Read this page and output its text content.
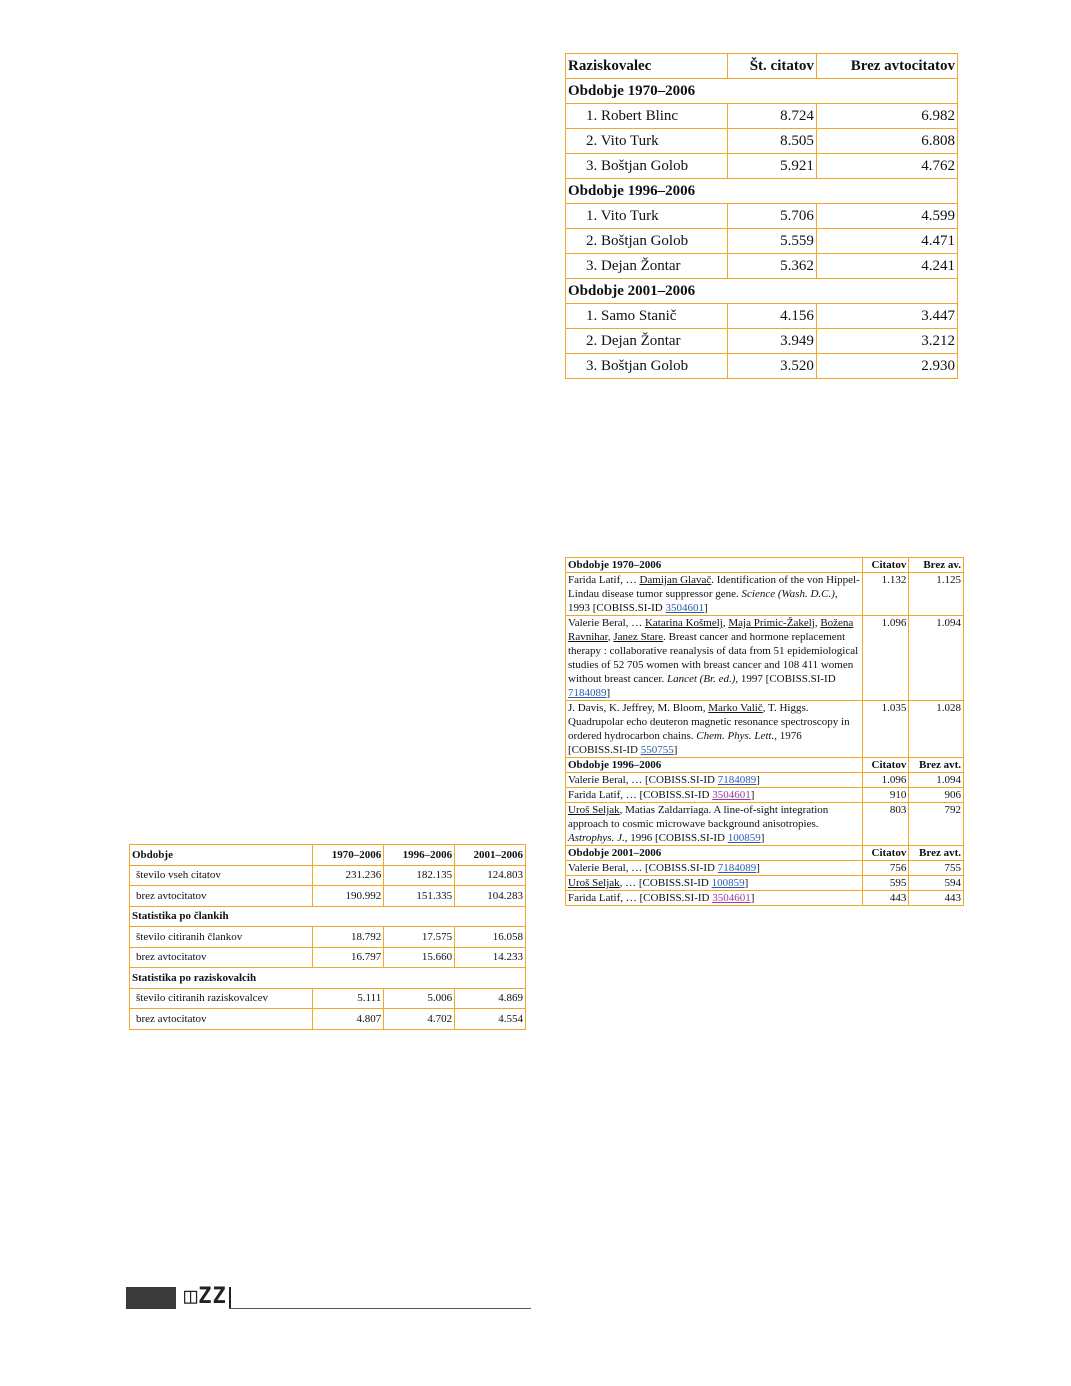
Raziskovalec	Št. citatov	Brez avtocitatov
Obdobje 1970–2006		
1. Robert Blinc	8.724	6.982
2. Vito Turk	8.505	6.808
3. Boštjan Golob	5.921	4.762
Obdobje 1996–2006		
1. Vito Turk	5.706	4.599
2. Boštjan Golob	5.559	4.471
3. Dejan Žontar	5.362	4.241
Obdobje 2001–2006		
1. Samo Stanič	4.156	3.447
2. Dejan Žontar	3.949	3.212
3. Boštjan Golob	3.520	2.930
Obdobje 1970–2006	Citatov	Brez av.
Farida Latif, … Damijan Glavač. Identification of the von Hippel-Lindau disease tumor suppressor gene. Science (Wash. D.C.), 1993 [COBISS.SI-ID 3504601]	1.132	1.125
Valerie Beral, … Katarina Košmelj, Maja Primic-Žakelj, Božena Ravnihar, Janez Stare. Breast cancer and hormone replacement therapy : collaborative reanalysis of data from 51 epidemiological studies of 52 705 women with breast cancer and 108 411 women without breast cancer. Lancet (Br. ed.), 1997 [COBISS.SI-ID 7184089]	1.096	1.094
J. Davis, K. Jeffrey, M. Bloom, Marko Valič, T. Higgs. Quadrupolar echo deuteron magnetic resonance spectroscopy in ordered hydrocarbon chains. Chem. Phys. Lett., 1976 [COBISS.SI-ID 550755]	1.035	1.028
Obdobje 1996–2006	Citatov	Brez avt.
Valerie Beral, … [COBISS.SI-ID 7184089]	1.096	1.094
Farida Latif, … [COBISS.SI-ID 3504601]	910	906
Uroš Seljak, Matias Zaldarriaga. A line-of-sight integration approach to cosmic microwave background anisotropies. Astrophys. J., 1996 [COBISS.SI-ID 100859]	803	792
Obdobje 2001–2006	Citatov	Brez avt.
Valerie Beral, … [COBISS.SI-ID 7184089]	756	755
Uroš Seljak, … [COBISS.SI-ID 100859]	595	594
Farida Latif, … [COBISS.SI-ID 3504601]	443	443
Obdobje	1970–2006	1996–2006	2001–2006
število vseh citatov	231.236	182.135	124.803
brez avtocitatov	190.992	151.335	104.283
Statistika po člankih			
število citiranih člankov	18.792	17.575	16.058
brez avtocitatov	16.797	15.660	14.233
Statistika po raziskovalcih			
število citiranih raziskovalcev	5.111	5.006	4.869
brez avtocitatov	4.807	4.702	4.554
◫ZZ
